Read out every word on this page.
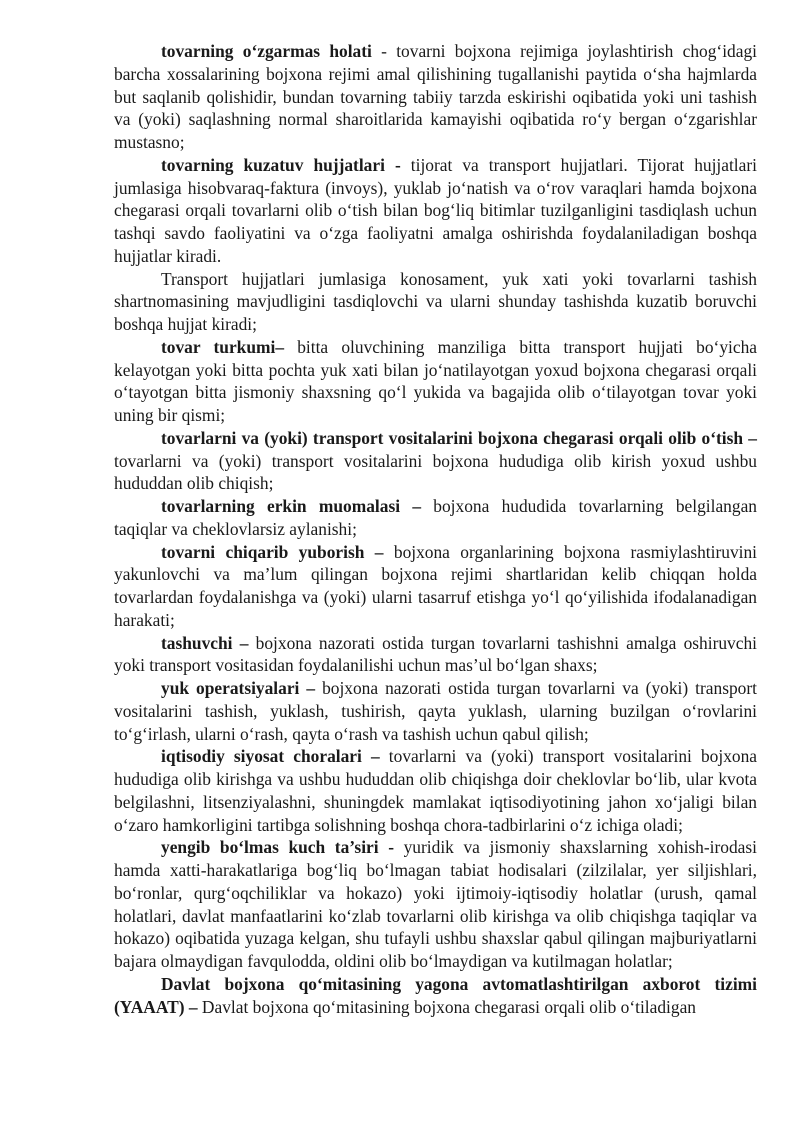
tovarning o‘zgarmas holati - tovarni bojxona rejimiga joylashtirish chog‘idagi barcha xossalarining bojxona rejimi amal qilishining tugallanishi paytida o‘sha hajmlarda but saqlanib qolishidir, bundan tovarning tabiiy tarzda eskirishi oqibatida yoki uni tashish va (yoki) saqlashning normal sharoitlarida kamayishi oqibatida ro‘y bergan o‘zgarishlar mustasno;

tovarning kuzatuv hujjatlari - tijorat va transport hujjatlari. Tijorat hujjatlari jumlasiga hisobvaraq-faktura (invoys), yuklab jo‘natish va o‘rov varaqlari hamda bojxona chegarasi orqali tovarlarni olib o‘tish bilan bog‘liq bitimlar tuzilganligini tasdiqlash uchun tashqi savdo faoliyatini va o‘zga faoliyatni amalga oshirishda foydalaniladigan boshqa hujjatlar kiradi.

Transport hujjatlari jumlasiga konosament, yuk xati yoki tovarlarni tashish shartnomasining mavjudligini tasdiqlovchi va ularni shunday tashishda kuzatib boruvchi boshqa hujjat kiradi;

tovar turkumi– bitta oluvchining manziliga bitta transport hujjati bo‘yicha kelayotgan yoki bitta pochta yuk xati bilan jo‘natilayotgan yoxud bojxona chegarasi orqali o‘tayotgan bitta jismoniy shaxsning qo‘l yukida va bagajida olib o‘tilayotgan tovar yoki uning bir qismi;

tovarlarni va (yoki) transport vositalarini bojxona chegarasi orqali olib o‘tish – tovarlarni va (yoki) transport vositalarini bojxona hududiga olib kirish yoxud ushbu hududdan olib chiqish;

tovarlarning erkin muomalasi – bojxona hududida tovarlarning belgilangan taqiqlar va cheklovlarsiz aylanishi;

tovarni chiqarib yuborish – bojxona organlarining bojxona rasmiylashtiruvini yakunlovchi va ma’lum qilingan bojxona rejimi shartlaridan kelib chiqqan holda tovarlardan foydalanishga va (yoki) ularni tasarruf etishga yo‘l qo‘yilishida ifodalanadigan harakati;

tashuvchi – bojxona nazorati ostida turgan tovarlarni tashishni amalga oshiruvchi yoki transport vositasidan foydalanilishi uchun mas’ul bo‘lgan shaxs;

yuk operatsiyalari – bojxona nazorati ostida turgan tovarlarni va (yoki) transport vositalarini tashish, yuklash, tushirish, qayta yuklash, ularning buzilgan o‘rovlarini to‘g‘irlash, ularni o‘rash, qayta o‘rash va tashish uchun qabul qilish;

iqtisodiy siyosat choralari – tovarlarni va (yoki) transport vositalarini bojxona hududiga olib kirishga va ushbu hududdan olib chiqishga doir cheklovlar bo‘lib, ular kvota belgilashni, litsenziyalashni, shuningdek mamlakat iqtisodiyotining jahon xo‘jaligi bilan o‘zaro hamkorligini tartibga solishning boshqa chora-tadbirlarini o‘z ichiga oladi;

yengib bo‘lmas kuch ta’siri - yuridik va jismoniy shaxslarning xohish-irodasi hamda xatti-harakatlariga bog‘liq bo‘lmagan tabiat hodisalari (zilzilalar, yer siljishlari, bo‘ronlar, qurg‘oqchiliklar va hokazo) yoki ijtimoiy-iqtisodiy holatlar (urush, qamal holatlari, davlat manfaatlarini ko‘zlab tovarlarni olib kirishga va olib chiqishga taqiqlar va hokazo) oqibatida yuzaga kelgan, shu tufayli ushbu shaxslar qabul qilingan majburiyatlarni bajara olmaydigan favqulodda, oldini olib bo‘lmaydigan va kutilmagan holatlar;

Davlat bojxona qo‘mitasining yagona avtomatlashtirilgan axborot tizimi (YAAAT) – Davlat bojxona qo‘mitasining bojxona chegarasi orqali olib o‘tiladigan
